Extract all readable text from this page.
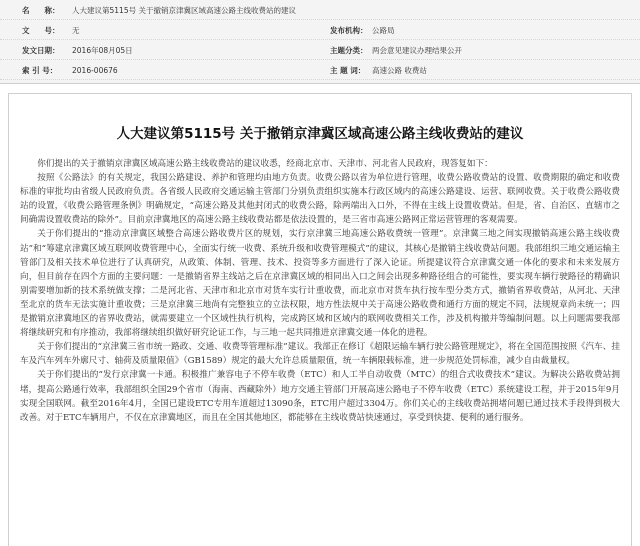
名　　称： 人大建议第5115号 关于撤销京津冀区域高速公路主线收费站的建议
文　　号： 无	发布机构： 公路局
发文日期： 2016年08月05日	主题分类： 两会意见建议办理结果公开
索 引 号： 2016-00676	主 题 词： 高速公路 收费站
人大建议第5115号 关于撤销京津冀区域高速公路主线收费站的建议

你们提出的关于撤销京津冀区域高速公路主线收费站的建议收悉，经商北京市、天津市、河北省人民政府，现答复如下：

按照《公路法》的有关规定，我国公路建设、养护和管理均由地方负责。收费公路以省为单位进行管理，收费公路收费站的设置、收费期限的确定和收费标准的审批均由省级人民政府负责。各省级人民政府交通运输主管部门分别负责组织实施本行政区域内的高速公路建设、运营、联网收费。关于收费公路收费站的设置，《收费公路管理条例》明确规定，“高速公路及其他封闭式的收费公路，除两端出入口外，不得在主线上设置收费站。但是，省、自治区、直辖市之间确需设置收费站的除外”。目前京津冀地区的高速公路主线收费站都是依法设置的，是三省市高速公路网正常运营管理的客观需要。

关于你们提出的“推动京津冀区域整合高速公路收费片区的规划，实行京津冀三地高速公路收费统一管理”。京津冀三地之间实现撤销高速公路主线收费站”和“筹建京津冀区域互联网收费管理中心，全面实行统一收费、系统升级和收费管理模式”的建议，其核心是撤销主线收费站问题。我部组织三地交通运输主管部门及相关技术单位进行了认真研究，从政策、体制、管理、技术、投资等多方面进行了深入论证。所提建议符合京津冀交通一体化的要求和未来发展方向，但目前存在四个方面的主要问题：一是撤销省界主线站之后在京津冀区域的相同出入口之间会出现多种路径组合的可能性，要实现车辆行驶路径的精确识别需要增加新的技术系统做支撑；二是河北省、天津市和北京市对货车实行计重收费，而北京市对货车执行按车型分类方式，撤销省界收费站，从河北、天津至北京的货车无法实施计重收费；三是京津冀三地尚有完整独立的立法权限，地方性法规中关于高速公路收费和通行方面的规定不同，法规规章尚未统一；四是撤销京津冀地区的省界收费站，就需要建立一个区域性执行机构，完成跨区域和区域内的联网收费相关工作，涉及机构撤并等编制问题。以上问题需要我部将继续研究和有序推动，我部将继续组织做好研究论证工作，与三地一起共同推进京津冀交通一体化的进程。

关于你们提出的“京津冀三省市统一路政、交通、收费等管理标准”建议。我部正在修订《超限运输车辆行驶公路管理规定》，将在全国范围按照《汽车、挂车及汽车列车外廓尺寸、轴荷及质量限值》（GB1589）规定的最大允许总质量限值，统一车辆限载标准，进一步规范处罚标准，减少自由裁量权。

关于你们提出的“发行京津冀一卡通。积极推广兼容电子不停车收费（ETC）和人工半自动收费（MTC）的组合式收费技术”建议。为解决公路收费站拥堵，提高公路通行效率，我部组织全国29个省市（海南、西藏除外）地方交通主管部门开展高速公路电子不停车收费（ETC）系统建设工程，并于2015年9月实现全国联网。截至2016年4月，全国已建设ETC专用车道超过13090条，ETC用户超过3304万。你们关心的主线收费站拥堵问题已通过技术手段得到极大改善。对于ETC车辆用户，不仅在京津冀地区，而且在全国其他地区，都能够在主线收费站快速通过，享受到快捷、便利的通行服务。
